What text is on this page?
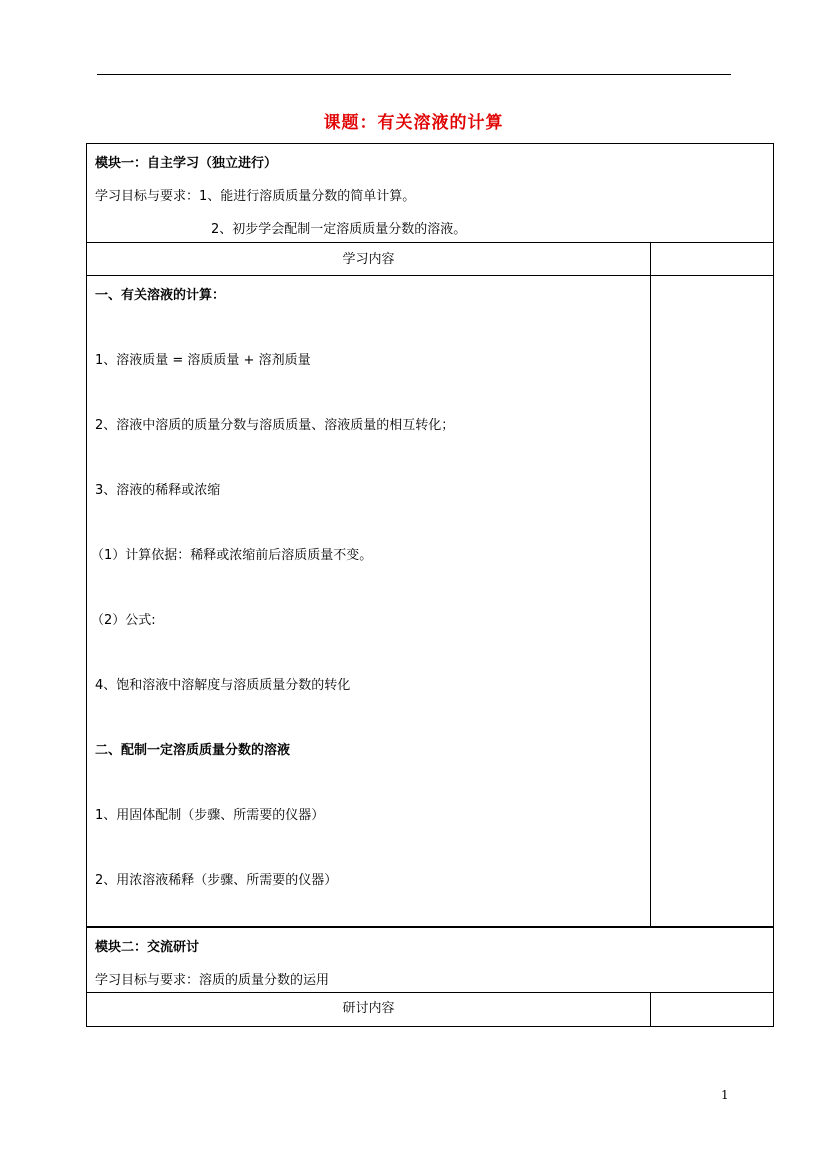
课题：有关溶液的计算
模块一：自主学习（独立进行）
学习目标与要求：1、能进行溶质质量分数的简单计算。
2、初步学会配制一定溶质质量分数的溶液。
学习内容
一、有关溶液的计算：
1、溶液质量 = 溶质质量 + 溶剂质量
2、溶液中溶质的质量分数与溶质质量、溶液质量的相互转化；
3、溶液的稀释或浓缩
（1）计算依据：稀释或浓缩前后溶质质量不变。
（2）公式:
4、饱和溶液中溶解度与溶质质量分数的转化
二、配制一定溶质质量分数的溶液
1、用固体配制（步骤、所需要的仪器）
2、用浓溶液稀释（步骤、所需要的仪器）
模块二：交流研讨
学习目标与要求：溶质的质量分数的运用
研讨内容
1
